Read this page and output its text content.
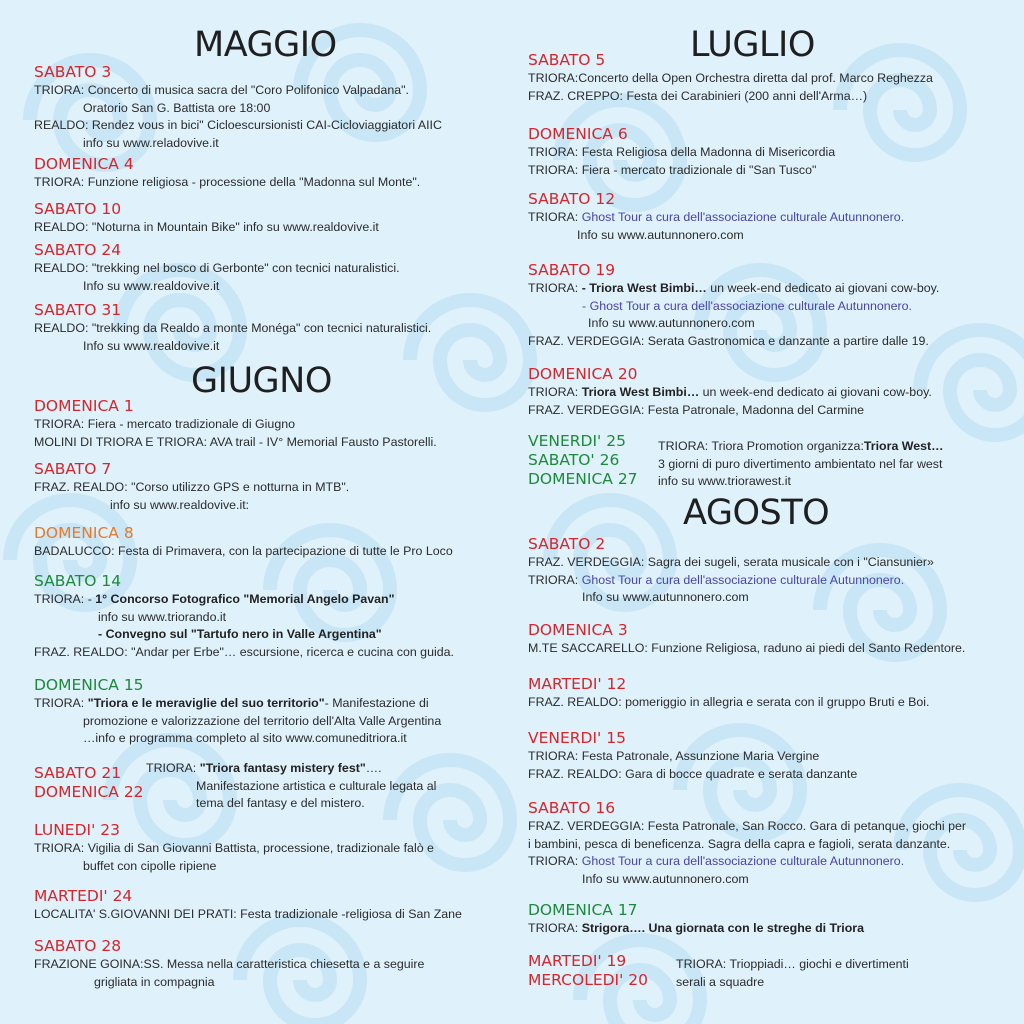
MAGGIO
SABATO 3
TRIORA: Concerto di musica sacra del "Coro Polifonico Valpadana".
Oratorio San G. Battista ore 18:00
REALDO: Rendez vous in bici" Cicloescursionisti CAI-Cicloviaggiatori AIIC
info su www.reladovive.it
DOMENICA 4
TRIORA: Funzione religiosa - processione della "Madonna sul Monte".
SABATO 10
REALDO: "Noturna in Mountain Bike" info su www.realdovive.it
SABATO 24
REALDO: "trekking nel bosco di Gerbonte" con tecnici naturalistici.
Info su www.realdovive.it
SABATO 31
REALDO: "trekking da Realdo a monte Monéga" con tecnici naturalistici.
Info su www.realdovive.it
GIUGNO
DOMENICA 1
TRIORA: Fiera - mercato tradizionale di Giugno
MOLINI DI TRIORA E TRIORA: AVA trail - IV° Memorial Fausto Pastorelli.
SABATO 7
FRAZ. REALDO: "Corso utilizzo GPS e notturna in MTB".
info su www.realdovive.it:
DOMENICA 8
BADALUCCO: Festa di Primavera, con la partecipazione di tutte le Pro Loco
SABATO 14
TRIORA: - 1° Concorso Fotografico "Memorial Angelo Pavan"
info su www.triorando.it
- Convegno sul "Tartufo nero in Valle Argentina"
FRAZ. REALDO: "Andar per Erbe"… escursione, ricerca e cucina con guida.
DOMENICA 15
TRIORA: "Triora e le meraviglie del suo territorio"- Manifestazione di
promozione e valorizzazione del territorio dell'Alta Valle Argentina
…info e programma completo al sito www.comuneditriora.it
SABATO 21
DOMENICA 22
TRIORA: "Triora fantasy mistery fest"….
Manifestazione artistica e culturale legata al
tema del fantasy e del mistero.
LUNEDI' 23
TRIORA: Vigilia di San Giovanni Battista, processione, tradizionale falò e
buffet con cipolle ripiene
MARTEDI' 24
LOCALITA' S.GIOVANNI DEI PRATI: Festa tradizionale -religiosa di San Zane
SABATO 28
FRAZIONE GOINA:SS. Messa nella caratteristica chiesetta e a seguire
grigliata in compagnia
LUGLIO
SABATO 5
TRIORA:Concerto della Open Orchestra diretta dal prof. Marco Reghezza
FRAZ. CREPPO: Festa dei Carabinieri (200 anni dell'Arma…)
DOMENICA 6
TRIORA: Festa Religiosa della Madonna di Misericordia
TRIORA: Fiera - mercato tradizionale di "San Tusco"
SABATO 12
TRIORA: Ghost Tour a cura dell'associazione culturale Autunnonero.
Info su www.autunnonero.com
SABATO 19
TRIORA: - Triora West Bimbi… un week-end dedicato ai giovani cow-boy.
- Ghost Tour a cura dell'associazione culturale Autunnonero.
Info su www.autunnonero.com
FRAZ. VERDEGGIA: Serata Gastronomica e danzante a partire dalle 19.
DOMENICA 20
TRIORA: Triora West Bimbi… un week-end dedicato ai giovani cow-boy.
FRAZ. VERDEGGIA: Festa Patronale, Madonna del Carmine
VENERDI' 25
SABATO' 26
DOMENICA 27
TRIORA: Triora Promotion organizza:Triora West…
3 giorni di puro divertimento ambientato nel far west
info su www.triorawest.it
AGOSTO
SABATO 2
FRAZ. VERDEGGIA: Sagra dei sugeli, serata musicale con i "Ciansunier»
TRIORA: Ghost Tour a cura dell'associazione culturale Autunnonero.
Info su www.autunnonero.com
DOMENICA 3
M.TE SACCARELLO: Funzione Religiosa, raduno ai piedi del Santo Redentore.
MARTEDI' 12
FRAZ. REALDO: pomeriggio in allegria e serata con il gruppo Bruti e Boi.
VENERDI' 15
TRIORA: Festa Patronale, Assunzione Maria Vergine
FRAZ. REALDO: Gara di bocce quadrate e serata danzante
SABATO 16
FRAZ. VERDEGGIA: Festa Patronale, San Rocco. Gara di petanque, giochi per
i bambini, pesca di beneficenza. Sagra della capra e fagioli, serata danzante.
TRIORA: Ghost Tour a cura dell'associazione culturale Autunnonero.
Info su www.autunnonero.com
DOMENICA 17
TRIORA: Strigora…. Una giornata con le streghe di Triora
MARTEDI' 19
MERCOLEDI' 20
TRIORA: Trioppiadi… giochi e divertimenti
serali a squadre
